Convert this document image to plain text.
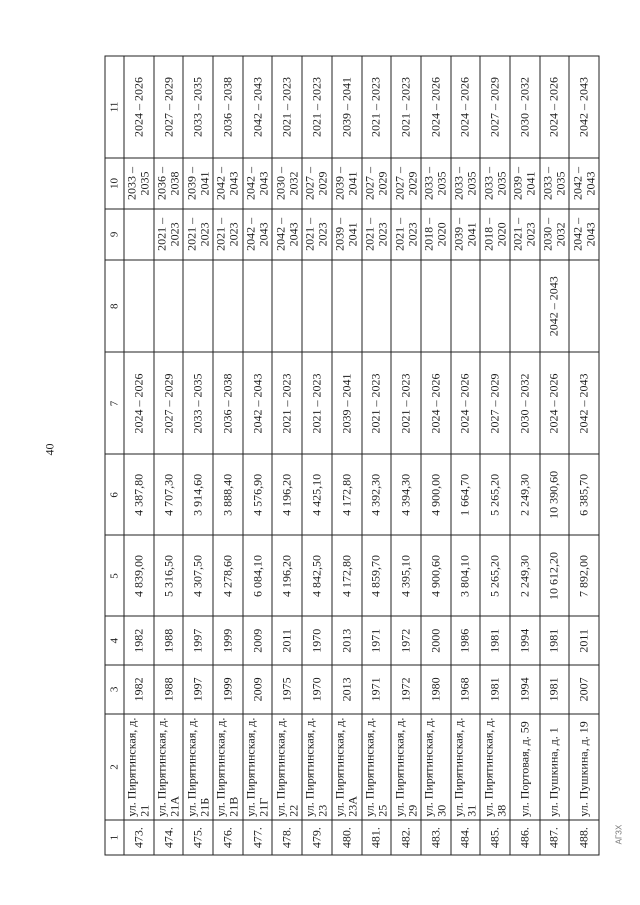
40
1	2	3	4	5	6	7	8	9	10	11
473.	ул. Пирятинская, д. 21	1982	1982	4 839,00	4 387,80	2024 – 2026			2033 – 2035	2024 – 2026
474.	ул. Пирятинская, д. 21А	1988	1988	5 316,50	4 707,30	2027 – 2029		2021 – 2023	2036 – 2038	2027 – 2029
475.	ул. Пирятинская, д. 21Б	1997	1997	4 307,50	3 914,60	2033 – 2035		2021 – 2023	2039 – 2041	2033 – 2035
476.	ул. Пирятинская, д. 21В	1999	1999	4 278,60	3 888,40	2036 – 2038		2021 – 2023	2042 – 2043	2036 – 2038
477.	ул. Пирятинская, д. 21Г	2009	2009	6 084,10	4 576,90	2042 – 2043		2042 – 2043	2042 – 2043	2042 – 2043
478.	ул. Пирятинская, д. 22	1975	2011	4 196,20	4 196,20	2021 – 2023		2042 – 2043	2030 – 2032	2021 – 2023
479.	ул. Пирятинская, д. 23	1970	1970	4 842,50	4 425,10	2021 – 2023		2021 – 2023	2027 – 2029	2021 – 2023
480.	ул. Пирятинская, д. 23А	2013	2013	4 172,80	4 172,80	2039 – 2041		2039 – 2041	2039 – 2041	2039 – 2041
481.	ул. Пирятинская, д. 25	1971	1971	4 859,70	4 392,30	2021 – 2023		2021 – 2023	2027 – 2029	2021 – 2023
482.	ул. Пирятинская, д. 29	1972	1972	4 395,10	4 394,30	2021 – 2023		2021 – 2023	2027 – 2029	2021 – 2023
483.	ул. Пирятинская, д. 30	1980	2000	4 900,60	4 900,00	2024 – 2026		2018 – 2020	2033 – 2035	2024 – 2026
484.	ул. Пирятинская, д. 31	1968	1986	3 804,10	1 664,70	2024 – 2026		2039 – 2041	2033 – 2035	2024 – 2026
485.	ул. Пирятинская, д. 38	1981	1981	5 265,20	5 265,20	2027 – 2029		2018 – 2020	2033 – 2035	2027 – 2029
486.	ул. Портовая, д. 59	1994	1994	2 249,30	2 249,30	2030 – 2032		2021 – 2023	2039 – 2041	2030 – 2032
487.	ул. Пушкина, д. 1	1981	1981	10 612,20	10 390,60	2024 – 2026	2042 – 2043	2030 – 2032	2033 – 2035	2024 – 2026
488.	ул. Пушкина, д. 19	2007	2011	7 892,00	6 385,70	2042 – 2043		2042 – 2043	2042 – 2043	2042 – 2043
АГЗX
